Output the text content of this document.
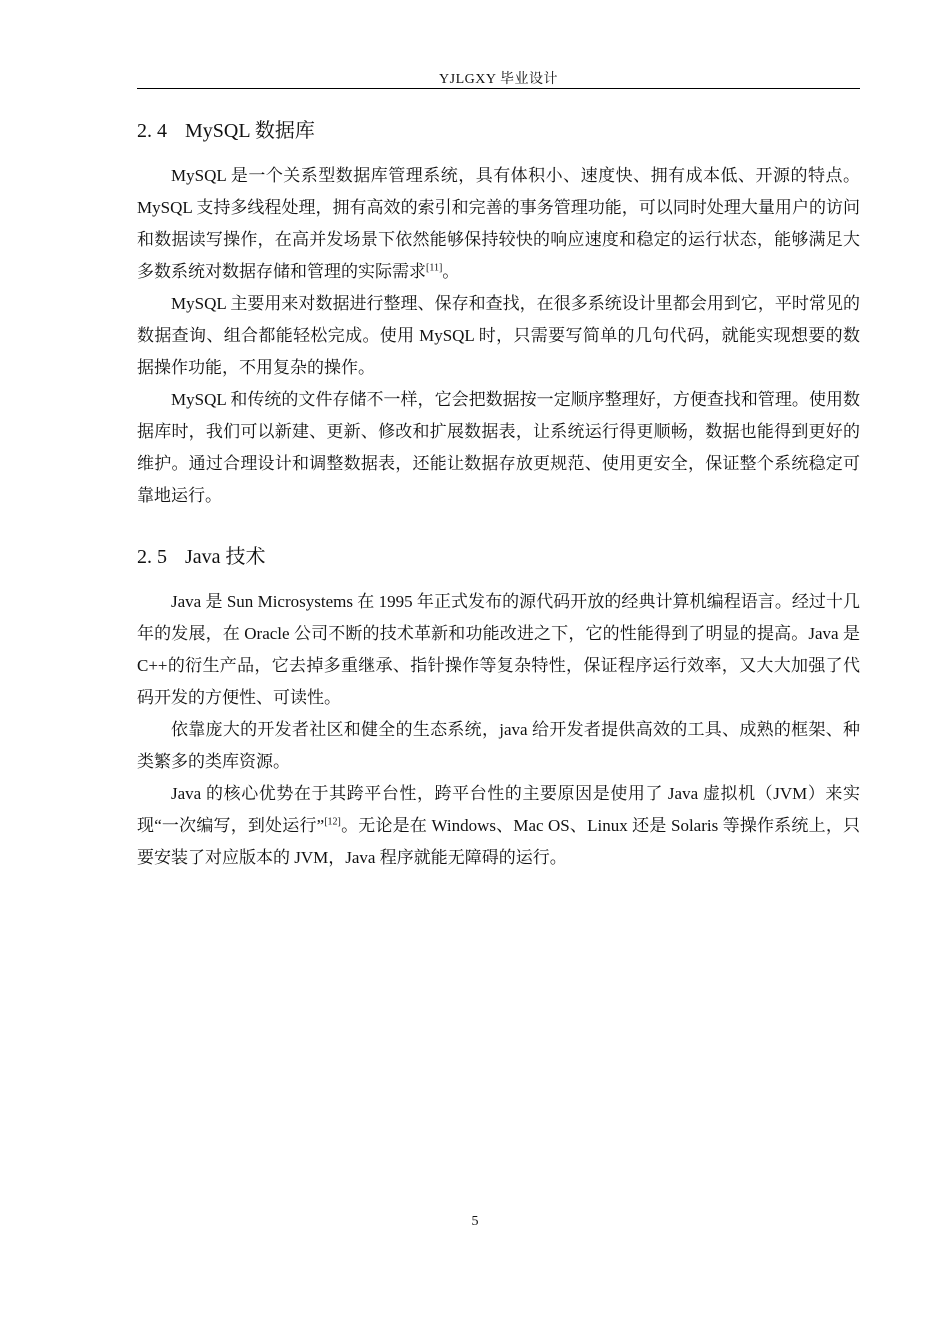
YJLGXY 毕业设计
2. 4 MySQL 数据库

MySQL 是一个关系型数据库管理系统，具有体积小、速度快、拥有成本低、开源的特点。MySQL 支持多线程处理，拥有高效的索引和完善的事务管理功能，可以同时处理大量用户的访问和数据读写操作，在高并发场景下依然能够保持较快的响应速度和稳定的运行状态，能够满足大多数系统对数据存储和管理的实际需求[11]。

MySQL 主要用来对数据进行整理、保存和查找，在很多系统设计里都会用到它，平时常见的数据查询、组合都能轻松完成。使用 MySQL 时，只需要写简单的几句代码，就能实现想要的数据操作功能，不用复杂的操作。

MySQL 和传统的文件存储不一样，它会把数据按一定顺序整理好，方便查找和管理。使用数据库时，我们可以新建、更新、修改和扩展数据表，让系统运行得更顺畅，数据也能得到更好的维护。通过合理设计和调整数据表，还能让数据存放更规范、使用更安全，保证整个系统稳定可靠地运行。

2. 5 Java 技术

Java 是 Sun Microsystems 在 1995 年正式发布的源代码开放的经典计算机编程语言。经过十几年的发展，在 Oracle 公司不断的技术革新和功能改进之下，它的性能得到了明显的提高。Java 是 C++的衍生产品，它去掉多重继承、指针操作等复杂特性，保证程序运行效率，又大大加强了代码开发的方便性、可读性。

依靠庞大的开发者社区和健全的生态系统，java 给开发者提供高效的工具、成熟的框架、种类繁多的类库资源。

Java 的核心优势在于其跨平台性，跨平台性的主要原因是使用了 Java 虚拟机（JVM）来实现“一次编写，到处运行”[12]。无论是在 Windows、Mac OS、Linux 还是 Solaris 等操作系统上，只要安装了对应版本的 JVM，Java 程序就能无障碍的运行。

5
